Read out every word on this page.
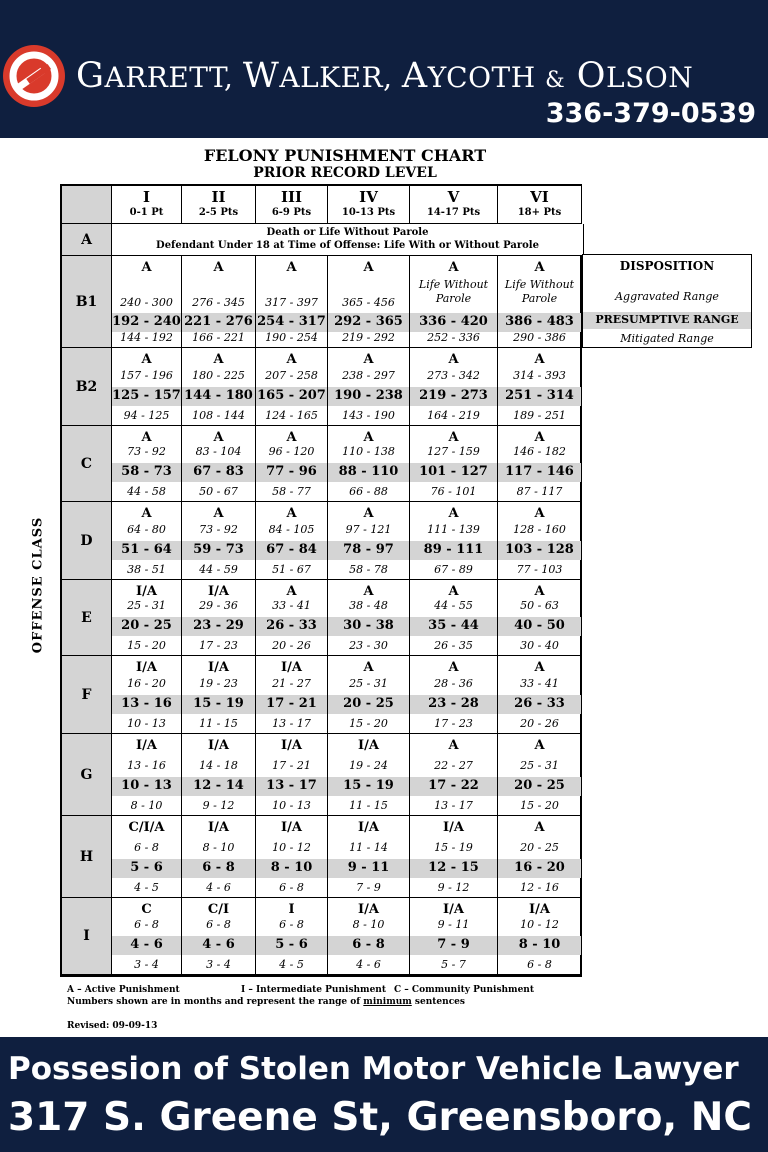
GARRETT, WALKER, AYCOTH & OLSON
336-379-0539
FELONY PUNISHMENT CHART
PRIOR RECORD LEVEL
OFFENSE CLASS
I
0-1 Pt
II
2-5 Pts
III
6-9 Pts
IV
10-13 Pts
V
14-17 Pts
VI
18+ Pts
A	Death or Life Without Parole
Defendant Under 18 at Time of Offense: Life With or Without Parole
B1
A
240 - 300
192 - 240
144 - 192
A
276 - 345
221 - 276
166 - 221
A
317 - 397
254 - 317
190 - 254
A
365 - 456
292 - 365
219 - 292
A
Life Without Parole
336 - 420
252 - 336
A
Life Without Parole
386 - 483
290 - 386
B2
A
157 - 196
125 - 157
94 - 125
A
180 - 225
144 - 180
108 - 144
A
207 - 258
165 - 207
124 - 165
A
238 - 297
190 - 238
143 - 190
A
273 - 342
219 - 273
164 - 219
A
314 - 393
251 - 314
189 - 251
C
A
73 - 92
58 - 73
44 - 58
A
83 - 104
67 - 83
50 - 67
A
96 - 120
77 - 96
58 - 77
A
110 - 138
88 - 110
66 - 88
A
127 - 159
101 - 127
76 - 101
A
146 - 182
117 - 146
87 - 117
D
A
64 - 80
51 - 64
38 - 51
A
73 - 92
59 - 73
44 - 59
A
84 - 105
67 - 84
51 - 67
A
97 - 121
78 - 97
58 - 78
A
111 - 139
89 - 111
67 - 89
A
128 - 160
103 - 128
77 - 103
E
I/A
25 - 31
20 - 25
15 - 20
I/A
29 - 36
23 - 29
17 - 23
A
33 - 41
26 - 33
20 - 26
A
38 - 48
30 - 38
23 - 30
A
44 - 55
35 - 44
26 - 35
A
50 - 63
40 - 50
30 - 40
F
I/A
16 - 20
13 - 16
10 - 13
I/A
19 - 23
15 - 19
11 - 15
I/A
21 - 27
17 - 21
13 - 17
A
25 - 31
20 - 25
15 - 20
A
28 - 36
23 - 28
17 - 23
A
33 - 41
26 - 33
20 - 26
G
I/A
13 - 16
10 - 13
8 - 10
I/A
14 - 18
12 - 14
9 - 12
I/A
17 - 21
13 - 17
10 - 13
I/A
19 - 24
15 - 19
11 - 15
A
22 - 27
17 - 22
13 - 17
A
25 - 31
20 - 25
15 - 20
H
C/I/A
6 - 8
5 - 6
4 - 5
I/A
8 - 10
6 - 8
4 - 6
I/A
10 - 12
8 - 10
6 - 8
I/A
11 - 14
9 - 11
7 - 9
I/A
15 - 19
12 - 15
9 - 12
A
20 - 25
16 - 20
12 - 16
I
C
6 - 8
4 - 6
3 - 4
C/I
6 - 8
4 - 6
3 - 4
I
6 - 8
5 - 6
4 - 5
I/A
8 - 10
6 - 8
4 - 6
I/A
9 - 11
7 - 9
5 - 7
I/A
10 - 12
8 - 10
6 - 8
DISPOSITION
Aggravated Range
PRESUMPTIVE RANGE
Mitigated Range
A – Active Punishment	I – Intermediate Punishment C – Community Punishment
Numbers shown are in months and represent the range of minimum sentences
Revised: 09-09-13
Possesion of Stolen Motor Vehicle Lawyer
317 S. Greene St, Greensboro, NC
